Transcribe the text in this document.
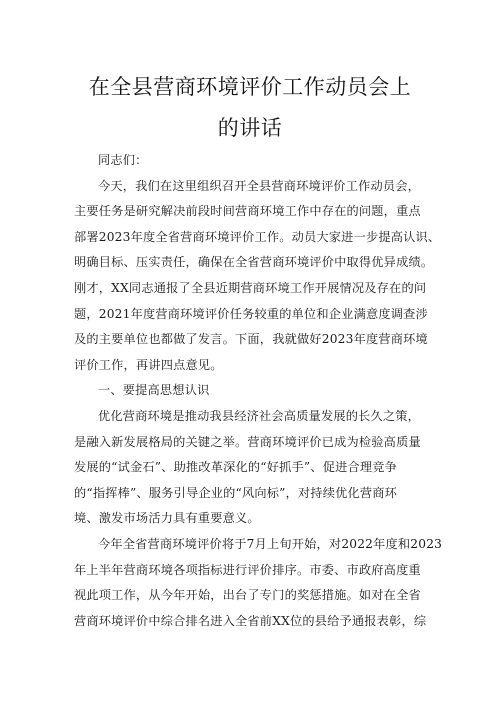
在全县营商环境评价工作动员会上
的讲话
同志们：
今天，我们在这里组织召开全县营商环境评价工作动员会，
主要任务是研究解决前段时间营商环境工作中存在的问题，重点
部署2023年度全省营商环境评价工作。动员大家进一步提高认识、
明确目标、压实责任，确保在全省营商环境评价中取得优异成绩。
刚才，XX同志通报了全县近期营商环境工作开展情况及存在的问
题，2021年度营商环境评价任务较重的单位和企业满意度调查涉
及的主要单位也都做了发言。下面，我就做好2023年度营商环境
评价工作，再讲四点意见。
一、要提高思想认识
优化营商环境是推动我县经济社会高质量发展的长久之策，
是融入新发展格局的关键之举。营商环境评价已成为检验高质量
发展的“试金石”、助推改革深化的“好抓手”、促进合理竞争
的“指挥棒”、服务引导企业的“风向标”，对持续优化营商环
境、激发市场活力具有重要意义。
今年全省营商环境评价将于7月上旬开始，对2022年度和2023
年上半年营商环境各项指标进行评价排序。市委、市政府高度重
视此项工作，从今年开始，出台了专门的奖惩措施。如对在全省
营商环境评价中综合排名进入全省前XX位的县给予通报表彰，综
